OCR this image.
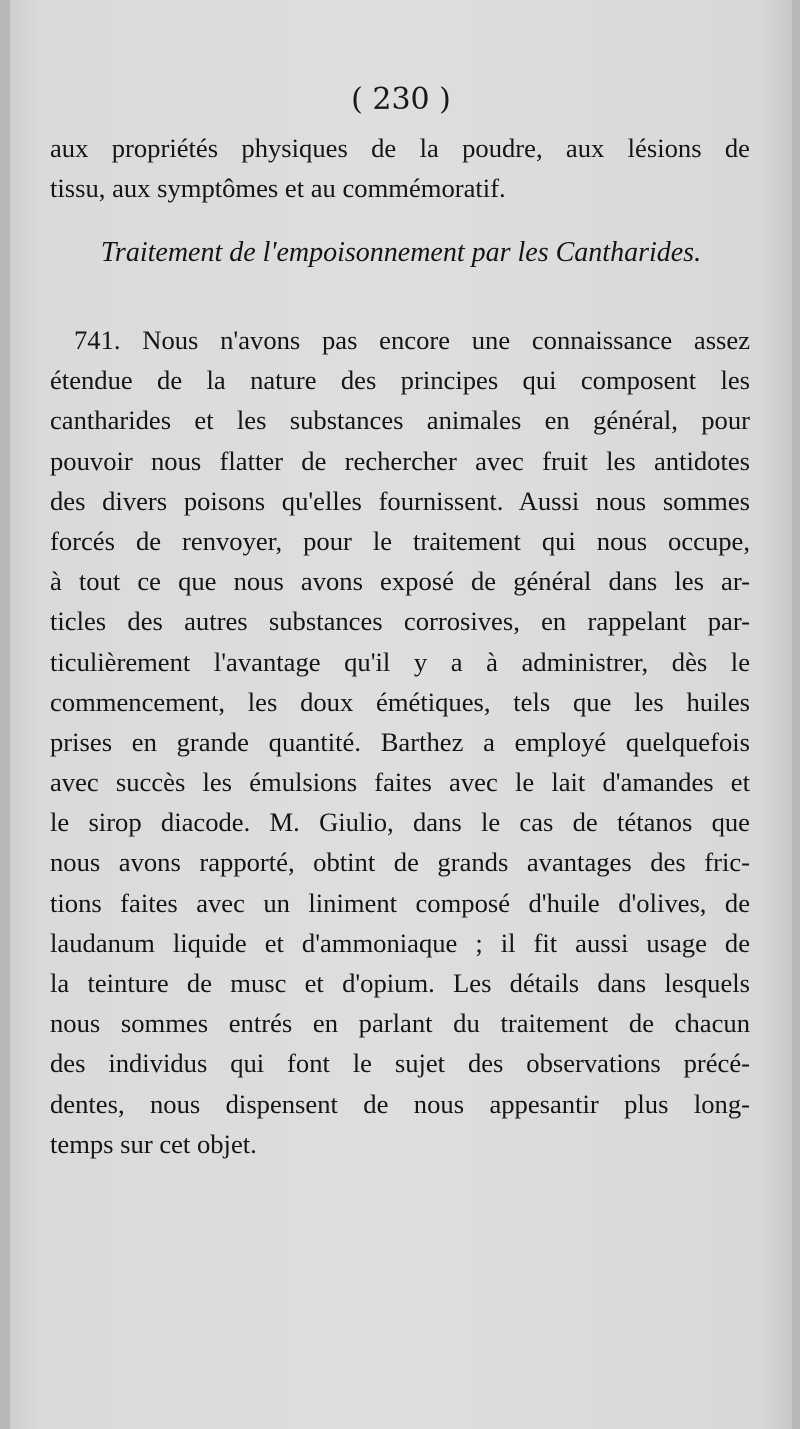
( 230 )
aux propriétés physiques de la poudre, aux lésions de
tissu, aux symptômes et au commémoratif.
Traitement de l'empoisonnement par les Cantharides.
741. Nous n'avons pas encore une connaissance assez
étendue de la nature des principes qui composent les
cantharides et les substances animales en général, pour
pouvoir nous flatter de rechercher avec fruit les antidotes
des divers poisons qu'elles fournissent. Aussi nous sommes
forcés de renvoyer, pour le traitement qui nous occupe,
à tout ce que nous avons exposé de général dans les ar-
ticles des autres substances corrosives, en rappelant par-
ticulièrement l'avantage qu'il y a à administrer, dès le
commencement, les doux émétiques, tels que les huiles
prises en grande quantité. Barthez a employé quelquefois
avec succès les émulsions faites avec le lait d'amandes et
le sirop diacode. M. Giulio, dans le cas de tétanos que
nous avons rapporté, obtint de grands avantages des fric-
tions faites avec un liniment composé d'huile d'olives, de
laudanum liquide et d'ammoniaque ; il fit aussi usage de
la teinture de musc et d'opium. Les détails dans lesquels
nous sommes entrés en parlant du traitement de chacun
des individus qui font le sujet des observations précé-
dentes, nous dispensent de nous appesantir plus long-
temps sur cet objet.
